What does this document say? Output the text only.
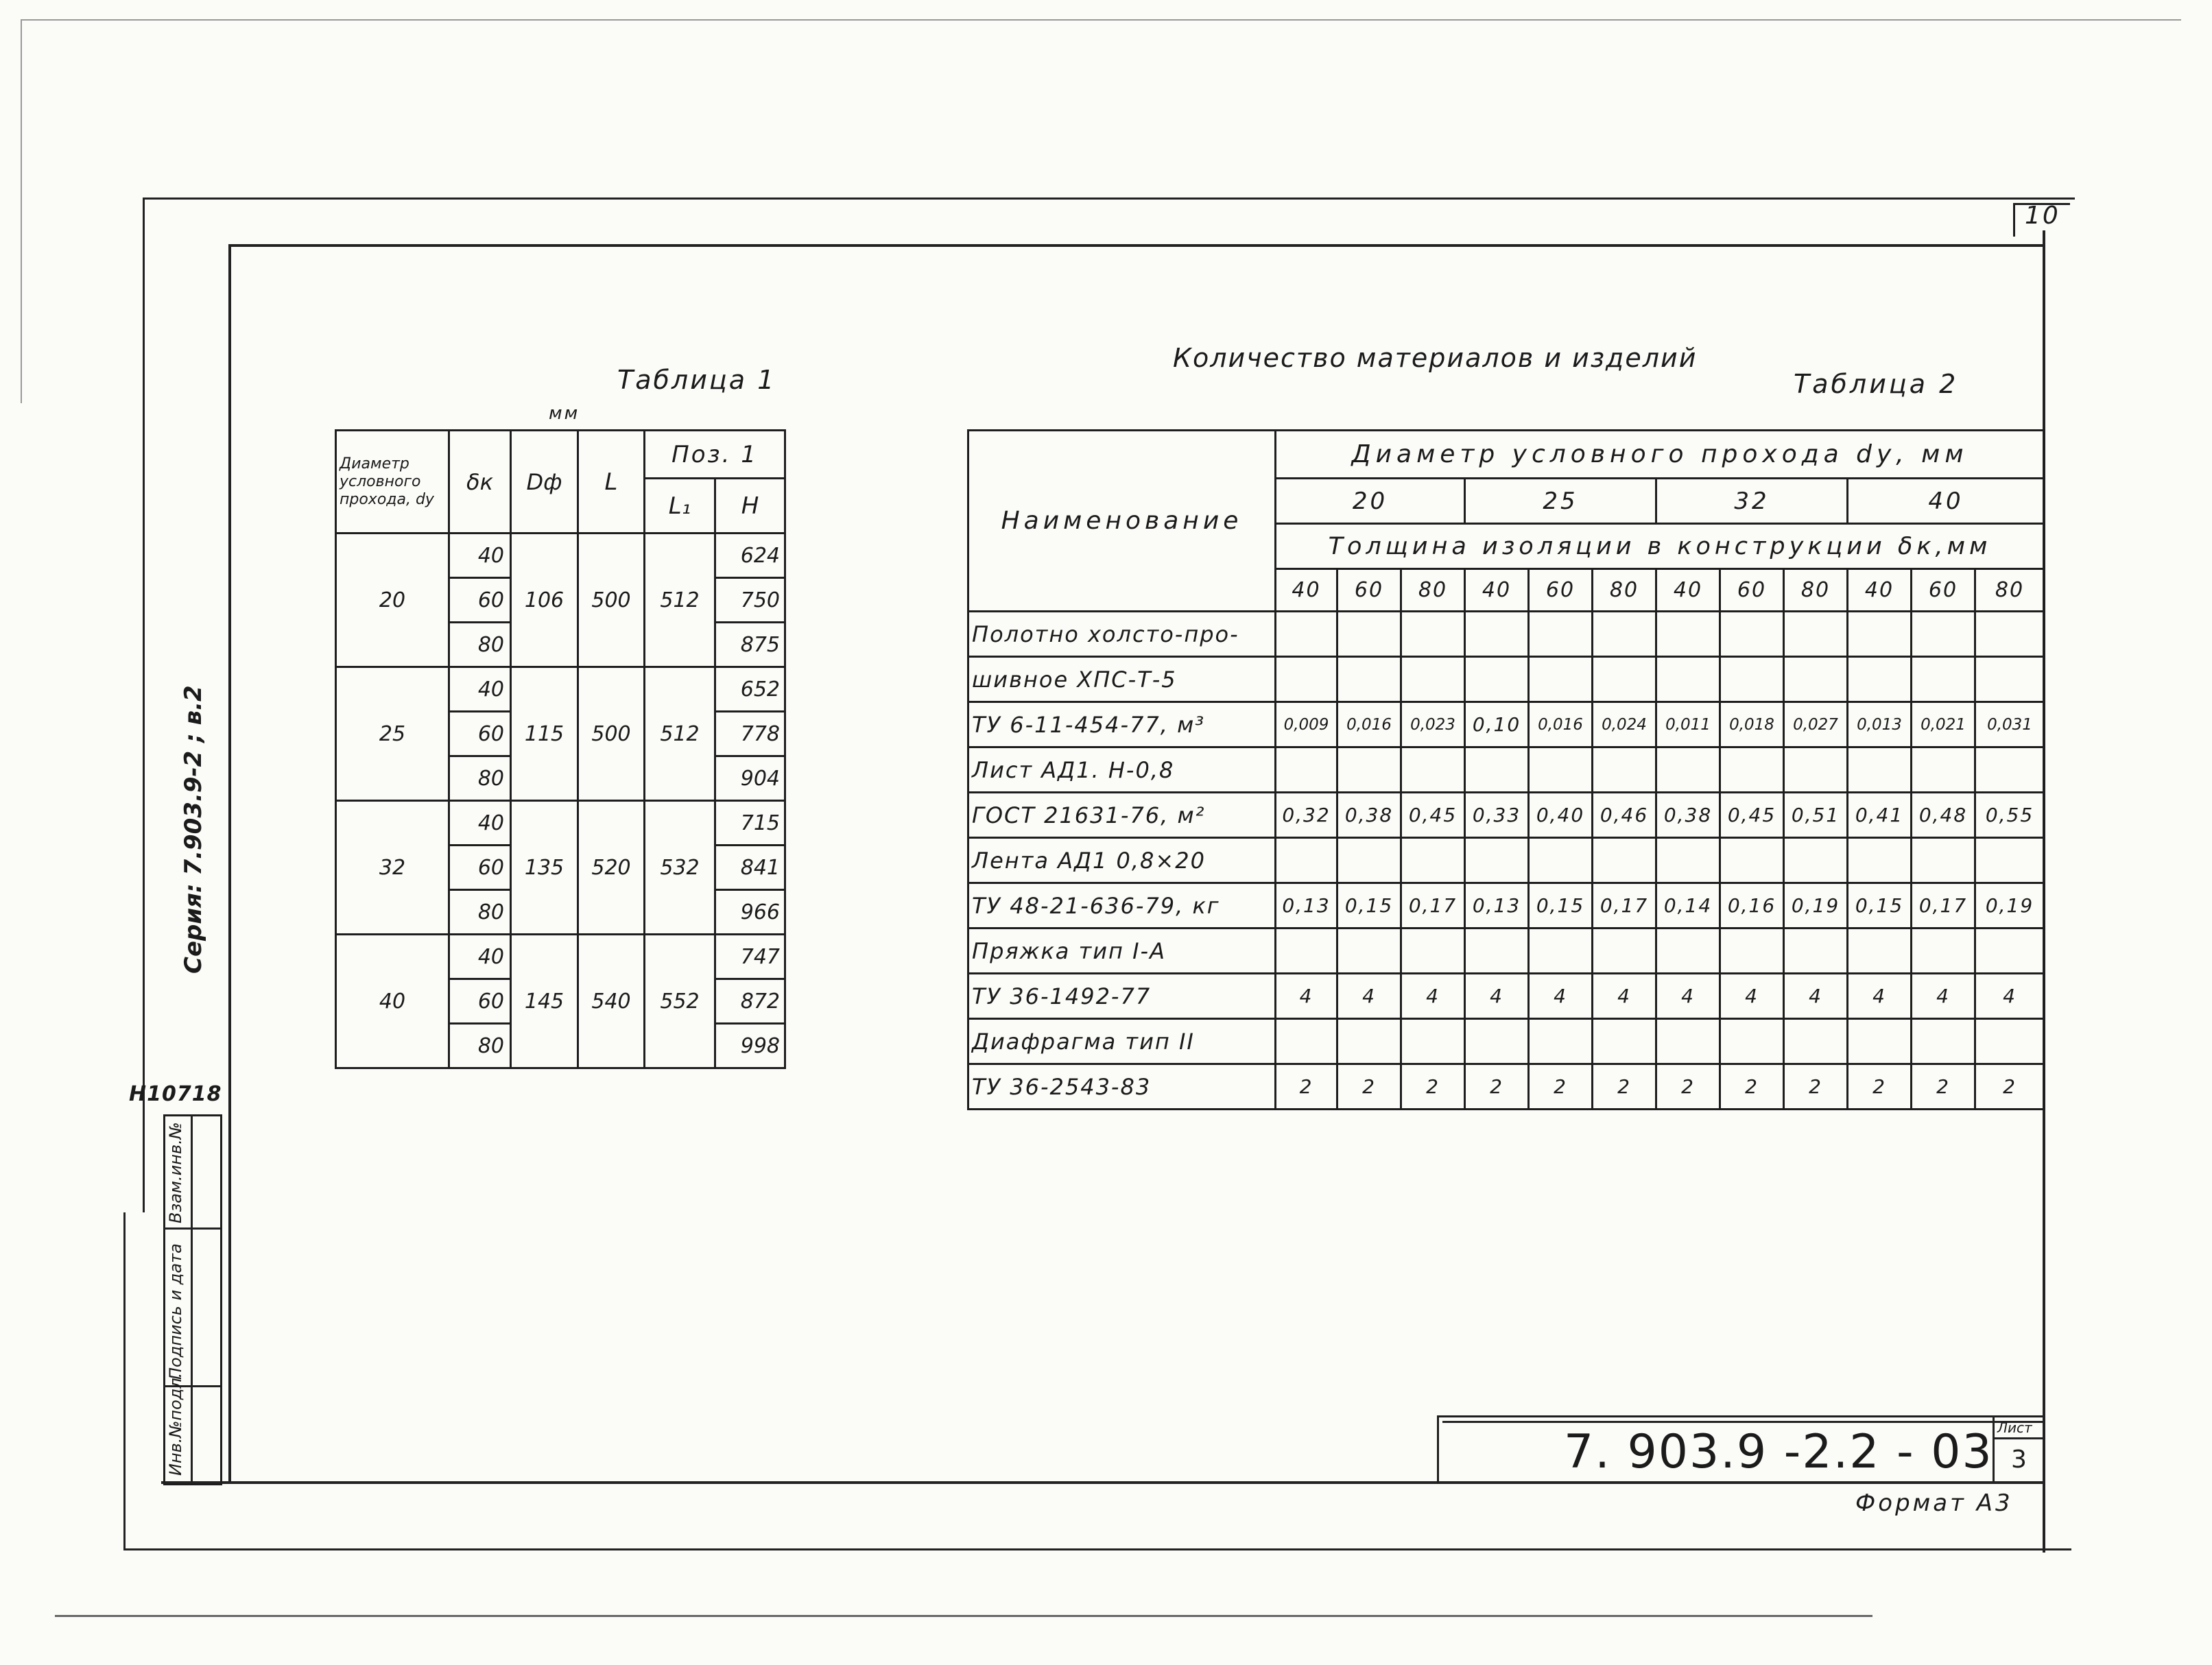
10
Серия: 7.903.9-2 ; в.2
Н10718
Инв.№подл.
Подпись и дата
Взам.инв.№
Таблица 1
мм
Диаметр условного прохода, dу	δк	Dф	L	Поз. 1	
				L₁	Н
20	40	106	500	512	624
	60				750
	80				875
25	40	115	500	512	652
	60				778
	80				904
32	40	135	520	532	715
	60				841
	80				966
40	40	145	540	552	747
	60				872
	80				998
Количество материалов и изделий
Таблица 2
Наименование	Диаметр условного прохода dу, мм											
	20			25			32			40		
	Толщина изоляции в конструкции δк,мм											
	40	60	80	40	60	80	40	60	80	40	60	80
Полотно холсто-про-												
шивное ХПС-Т-5												
ТУ 6-11-454-77, м³	0,009	0,016	0,023	0,10	0,016	0,024	0,011	0,018	0,027	0,013	0,021	0,031
Лист АД1. Н-0,8												
ГОСТ 21631-76, м²	0,32	0,38	0,45	0,33	0,40	0,46	0,38	0,45	0,51	0,41	0,48	0,55
Лента АД1 0,8×20												
ТУ 48-21-636-79, кг	0,13	0,15	0,17	0,13	0,15	0,17	0,14	0,16	0,19	0,15	0,17	0,19
Пряжка тип I-А												
ТУ 36-1492-77	4	4	4	4	4	4	4	4	4	4	4	4
Диафрагма тип II												
ТУ 36-2543-83	2	2	2	2	2	2	2	2	2	2	2	2
7. 903.9 -2.2 - 03 Лист
3
Формат А3
